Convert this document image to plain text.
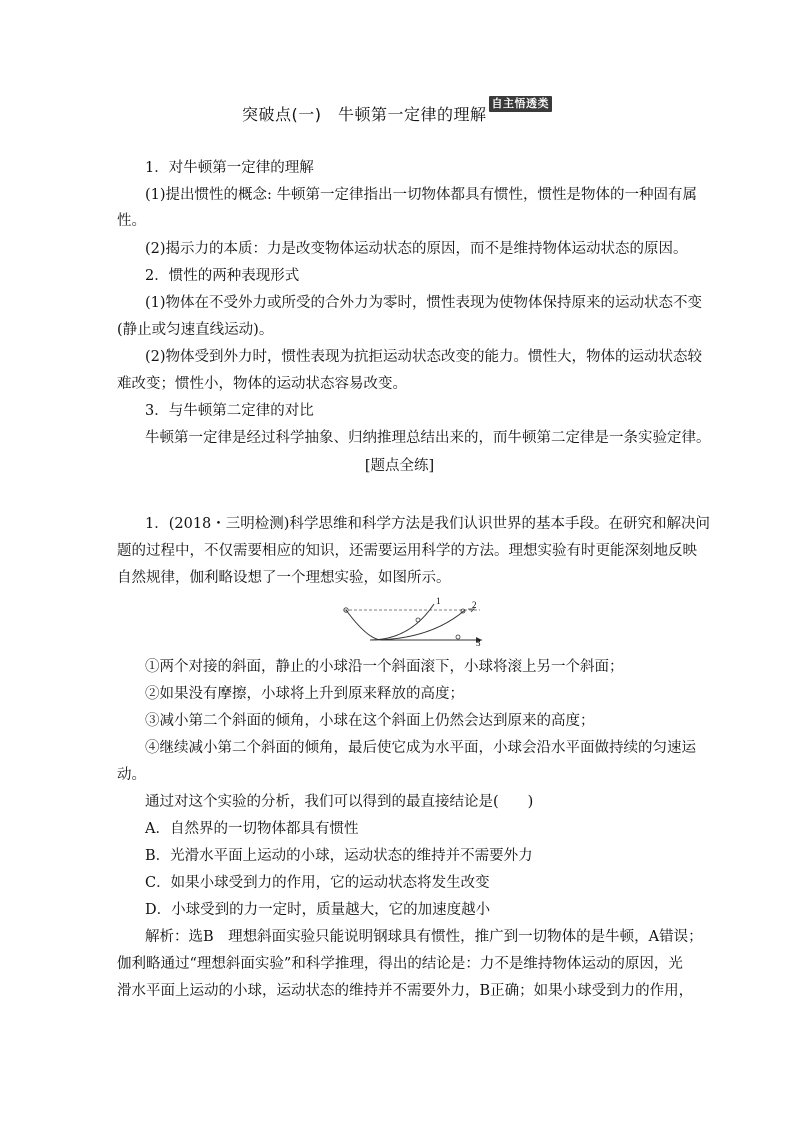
突破点(一)　牛顿第一定律的理解自主悟透类
1．对牛顿第一定律的理解
(1)提出惯性的概念: 牛顿第一定律指出一切物体都具有惯性，惯性是物体的一种固有属
性。
(2)揭示力的本质：力是改变物体运动状态的原因，而不是维持物体运动状态的原因。
2．惯性的两种表现形式
(1)物体在不受外力或所受的合外力为零时，惯性表现为使物体保持原来的运动状态不变
(静止或匀速直线运动)。
(2)物体受到外力时，惯性表现为抗拒运动状态改变的能力。惯性大，物体的运动状态较
难改变；惯性小，物体的运动状态容易改变。
3．与牛顿第二定律的对比
牛顿第一定律是经过科学抽象、归纳推理总结出来的，而牛顿第二定律是一条实验定律。
[题点全练]
1．(2018・三明检测)科学思维和科学方法是我们认识世界的基本手段。在研究和解决问
题的过程中，不仅需要相应的知识，还需要运用科学的方法。理想实验有时更能深刻地反映
自然规律，伽利略设想了一个理想实验，如图所示。
1	2
3
①两个对接的斜面，静止的小球沿一个斜面滚下，小球将滚上另一个斜面；
②如果没有摩擦，小球将上升到原来释放的高度；
③减小第二个斜面的倾角，小球在这个斜面上仍然会达到原来的高度；
④继续减小第二个斜面的倾角，最后使它成为水平面，小球会沿水平面做持续的匀速运
动。
通过对这个实验的分析，我们可以得到的最直接结论是(　　)
A．自然界的一切物体都具有惯性
B．光滑水平面上运动的小球，运动状态的维持并不需要外力
C．如果小球受到力的作用，它的运动状态将发生改变
D．小球受到的力一定时，质量越大，它的加速度越小
解析：选B　理想斜面实验只能说明钢球具有惯性，推广到一切物体的是牛顿，A错误；
伽利略通过“理想斜面实验”和科学推理，得出的结论是：力不是维持物体运动的原因，光
滑水平面上运动的小球，运动状态的维持并不需要外力，B正确；如果小球受到力的作用，
